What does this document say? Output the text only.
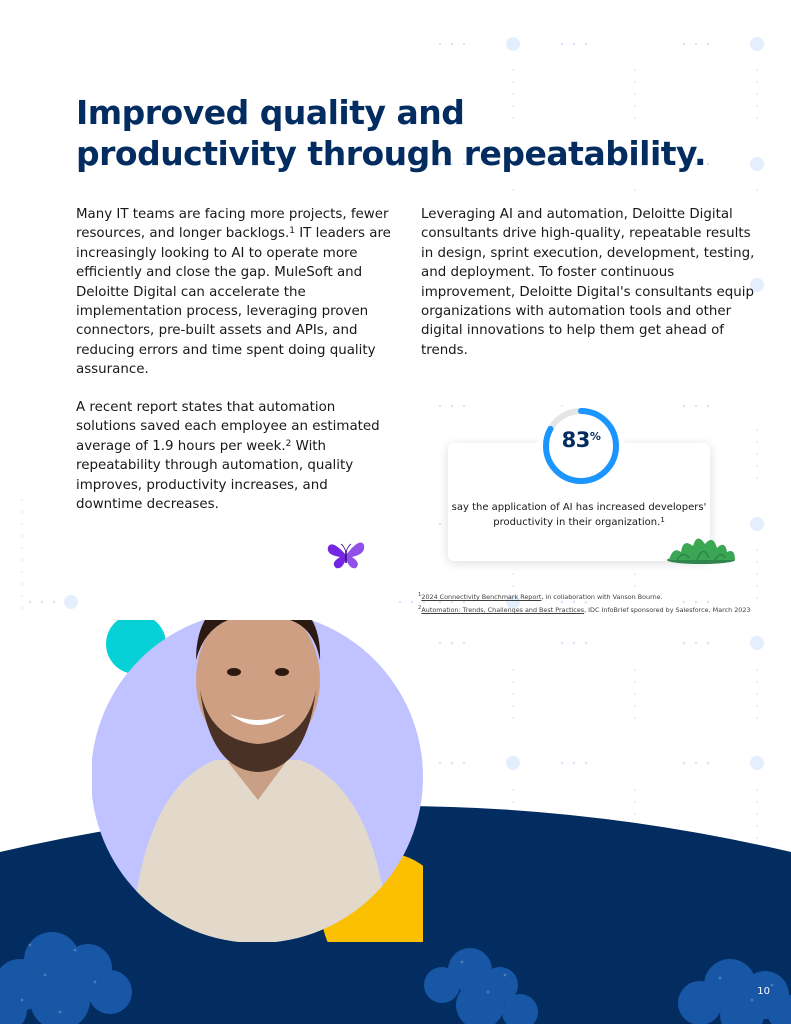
Improved quality and
productivity through repeatability.

Many IT teams are facing more projects, fewer resources, and longer backlogs.$^1$ IT leaders are increasingly looking to AI to operate more efficiently and close the gap. MuleSoft and Deloitte Digital can accelerate the implementation process, leveraging proven connectors, pre-built assets and APIs, and reducing errors and time spent doing quality assurance.

A recent report states that automation solutions saved each employee an estimated average of 1.9 hours per week.$^2$ With repeatability through automation, quality improves, productivity increases, and downtime decreases.

Leveraging AI and automation, Deloitte Digital consultants drive high-quality, repeatable results in design, sprint execution, development, testing, and deployment. To foster continuous improvement, Deloitte Digital's consultants equip organizations with automation tools and other digital innovations to help them get ahead of trends.

83%

say the application of AI has increased developers' productivity in their organization.$^1$

$^1$2024 Connectivity Benchmark Report, in collaboration with Vanson Bourne.
$^2$Automation: Trends, Challenges and Best Practices, IDC InfoBrief sponsored by Salesforce, March 2023
10
